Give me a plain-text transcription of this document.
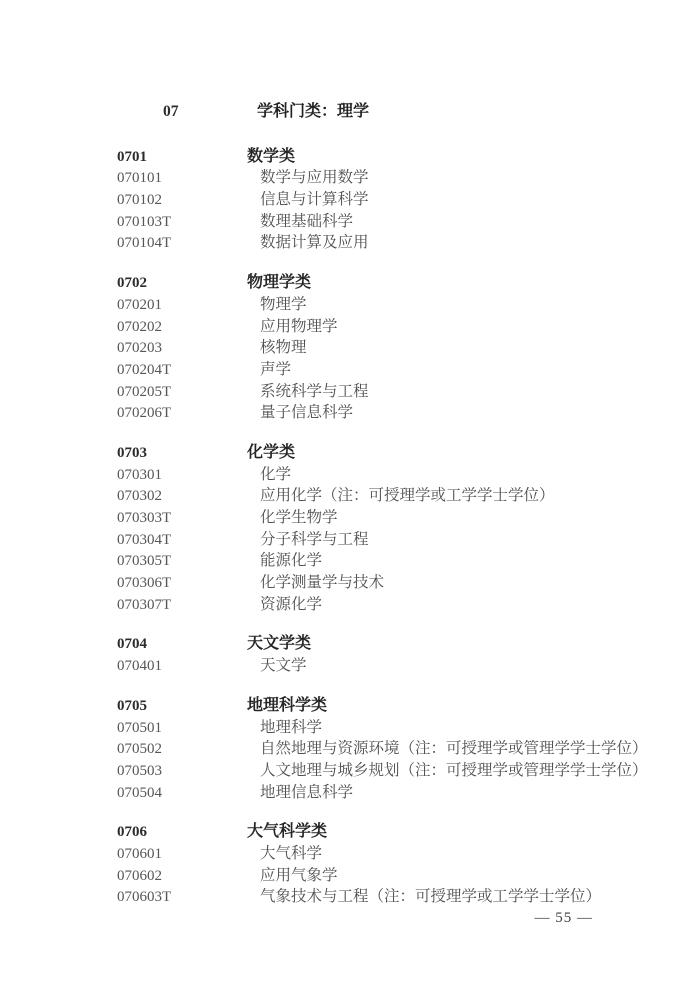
07	学科门类：理学
0701	数学类
070101	数学与应用数学
070102	信息与计算科学
070103T	数理基础科学
070104T	数据计算及应用
0702	物理学类
070201	物理学
070202	应用物理学
070203	核物理
070204T	声学
070205T	系统科学与工程
070206T	量子信息科学
0703	化学类
070301	化学
070302	应用化学（注：可授理学或工学学士学位）
070303T	化学生物学
070304T	分子科学与工程
070305T	能源化学
070306T	化学测量学与技术
070307T	资源化学
0704	天文学类
070401	天文学
0705	地理科学类
070501	地理科学
070502	自然地理与资源环境（注：可授理学或管理学学士学位）
070503	人文地理与城乡规划（注：可授理学或管理学学士学位）
070504	地理信息科学
0706	大气科学类
070601	大气科学
070602	应用气象学
070603T	气象技术与工程（注：可授理学或工学学士学位）
— 55 —
